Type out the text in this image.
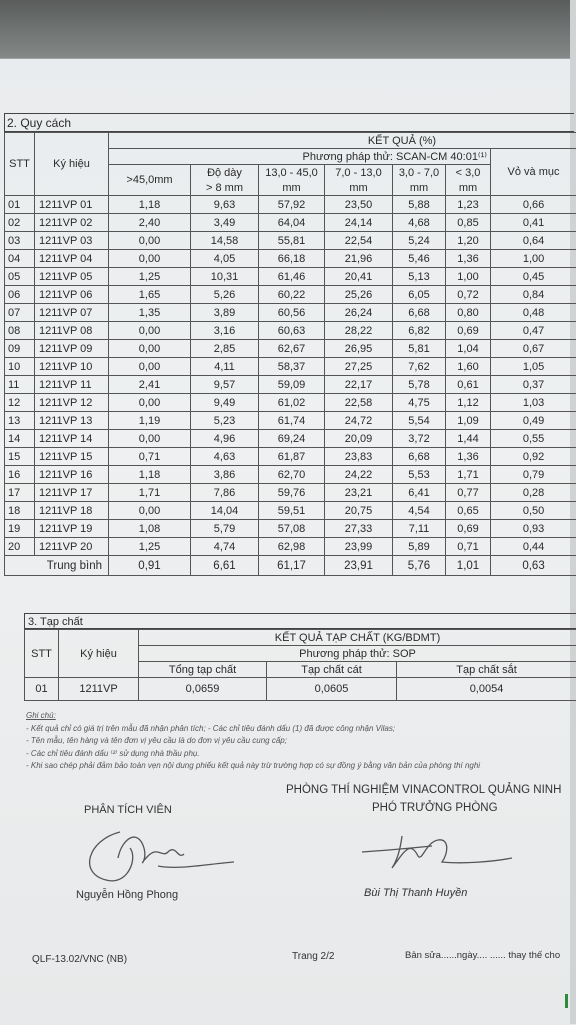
2. Quy cách
STT	Ký hiệu	KẾT QUẢ (%)						
		Phương pháp thử: SCAN-CM 40:01⁽¹⁾						Vỏ và mục
		>45,0mm	Độ dày	13,0 - 45,0	7,0 - 13,0	3,0 - 7,0	< 3,0	
			> 8 mm	mm	mm	mm	mm	
01	1211VP 01	1,18	9,63	57,92	23,50	5,88	1,23	0,66
02	1211VP 02	2,40	3,49	64,04	24,14	4,68	0,85	0,41
03	1211VP 03	0,00	14,58	55,81	22,54	5,24	1,20	0,64
04	1211VP 04	0,00	4,05	66,18	21,96	5,46	1,36	1,00
05	1211VP 05	1,25	10,31	61,46	20,41	5,13	1,00	0,45
06	1211VP 06	1,65	5,26	60,22	25,26	6,05	0,72	0,84
07	1211VP 07	1,35	3,89	60,56	26,24	6,68	0,80	0,48
08	1211VP 08	0,00	3,16	60,63	28,22	6,82	0,69	0,47
09	1211VP 09	0,00	2,85	62,67	26,95	5,81	1,04	0,67
10	1211VP 10	0,00	4,11	58,37	27,25	7,62	1,60	1,05
11	1211VP 11	2,41	9,57	59,09	22,17	5,78	0,61	0,37
12	1211VP 12	0,00	9,49	61,02	22,58	4,75	1,12	1,03
13	1211VP 13	1,19	5,23	61,74	24,72	5,54	1,09	0,49
14	1211VP 14	0,00	4,96	69,24	20,09	3,72	1,44	0,55
15	1211VP 15	0,71	4,63	61,87	23,83	6,68	1,36	0,92
16	1211VP 16	1,18	3,86	62,70	24,22	5,53	1,71	0,79
17	1211VP 17	1,71	7,86	59,76	23,21	6,41	0,77	0,28
18	1211VP 18	0,00	14,04	59,51	20,75	4,54	0,65	0,50
19	1211VP 19	1,08	5,79	57,08	27,33	7,11	0,69	0,93
20	1211VP 20	1,25	4,74	62,98	23,99	5,89	0,71	0,44
Trung bình		0,91	6,61	61,17	23,91	5,76	1,01	0,63
3. Tạp chất
STT	Ký hiệu	KẾT QUẢ TẠP CHẤT (KG/BDMT)		
		Phương pháp thử: SOP		
		Tổng tạp chất	Tạp chất cát	Tạp chất sắt
01	1211VP	0,0659	0,0605	0,0054
Ghi chú:
- Kết quả chỉ có giá trị trên mẫu đã nhận phân tích; - Các chỉ tiêu đánh dấu (1) đã được công nhận Vilas;
- Tên mẫu, tên hàng và tên đơn vị yêu cầu là do đơn vị yêu cầu cung cấp;
- Các chỉ tiêu đánh dấu ⁽²⁾ sử dụng nhà thầu phụ.
- Khi sao chép phải đảm bảo toàn vẹn nội dung phiếu kết quả này trừ trường hợp có sự đồng ý bằng văn bản của phòng thí nghi
PHÒNG THÍ NGHIỆM VINACONTROL QUẢNG NINH
PHÓ TRƯỞNG PHÒNG
PHÂN TÍCH VIÊN
Nguyễn Hồng Phong	Bùi Thị Thanh Huyền
QLF-13.02/VNC (NB)	Trang 2/2	Bản sửa......ngày.... ...... thay thế cho
